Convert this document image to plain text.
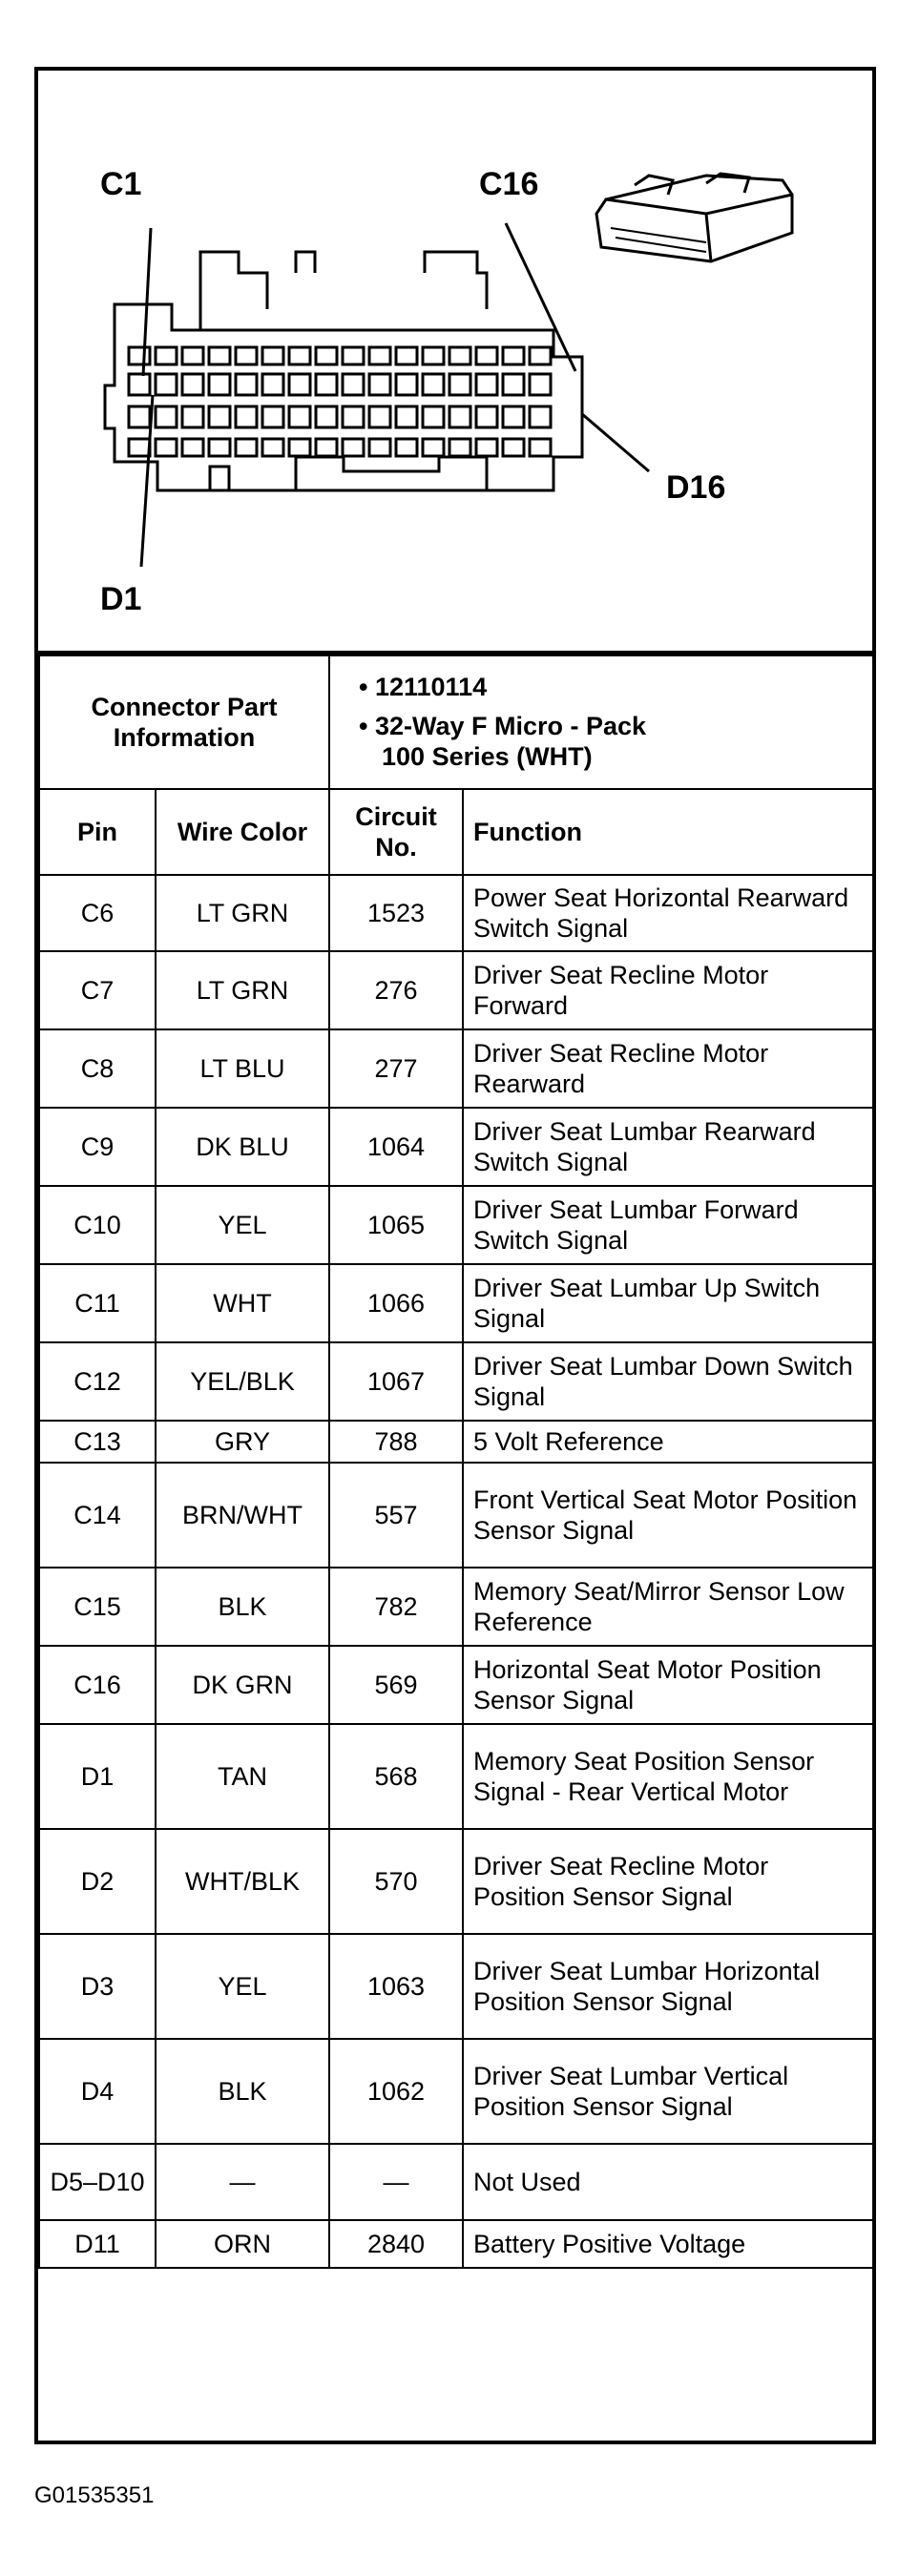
C1	C16
D16
D1
Connector Part Information		• 12110114
• 32-Way F Micro - Pack
100 Series (WHT)	

Pin	Wire Color	Circuit No.	Function
C6	LT GRN	1523	Power Seat Horizontal Rearward Switch Signal
C7	LT GRN	276	Driver Seat Recline Motor Forward
C8	LT BLU	277	Driver Seat Recline Motor Rearward
C9	DK BLU	1064	Driver Seat Lumbar Rearward Switch Signal
C10	YEL	1065	Driver Seat Lumbar Forward Switch Signal
C11	WHT	1066	Driver Seat Lumbar Up Switch Signal
C12	YEL/BLK	1067	Driver Seat Lumbar Down Switch Signal
C13	GRY	788	5 Volt Reference
C14	BRN/WHT	557	Front Vertical Seat Motor Position Sensor Signal
C15	BLK	782	Memory Seat/Mirror Sensor Low Reference
C16	DK GRN	569	Horizontal Seat Motor Position Sensor Signal
D1	TAN	568	Memory Seat Position Sensor Signal - Rear Vertical Motor
D2	WHT/BLK	570	Driver Seat Recline Motor Position Sensor Signal
D3	YEL	1063	Driver Seat Lumbar Horizontal Position Sensor Signal
D4	BLK	1062	Driver Seat Lumbar Vertical Position Sensor Signal
D5–D10	—	—	Not Used
D11	ORN	2840	Battery Positive Voltage
G01535351
